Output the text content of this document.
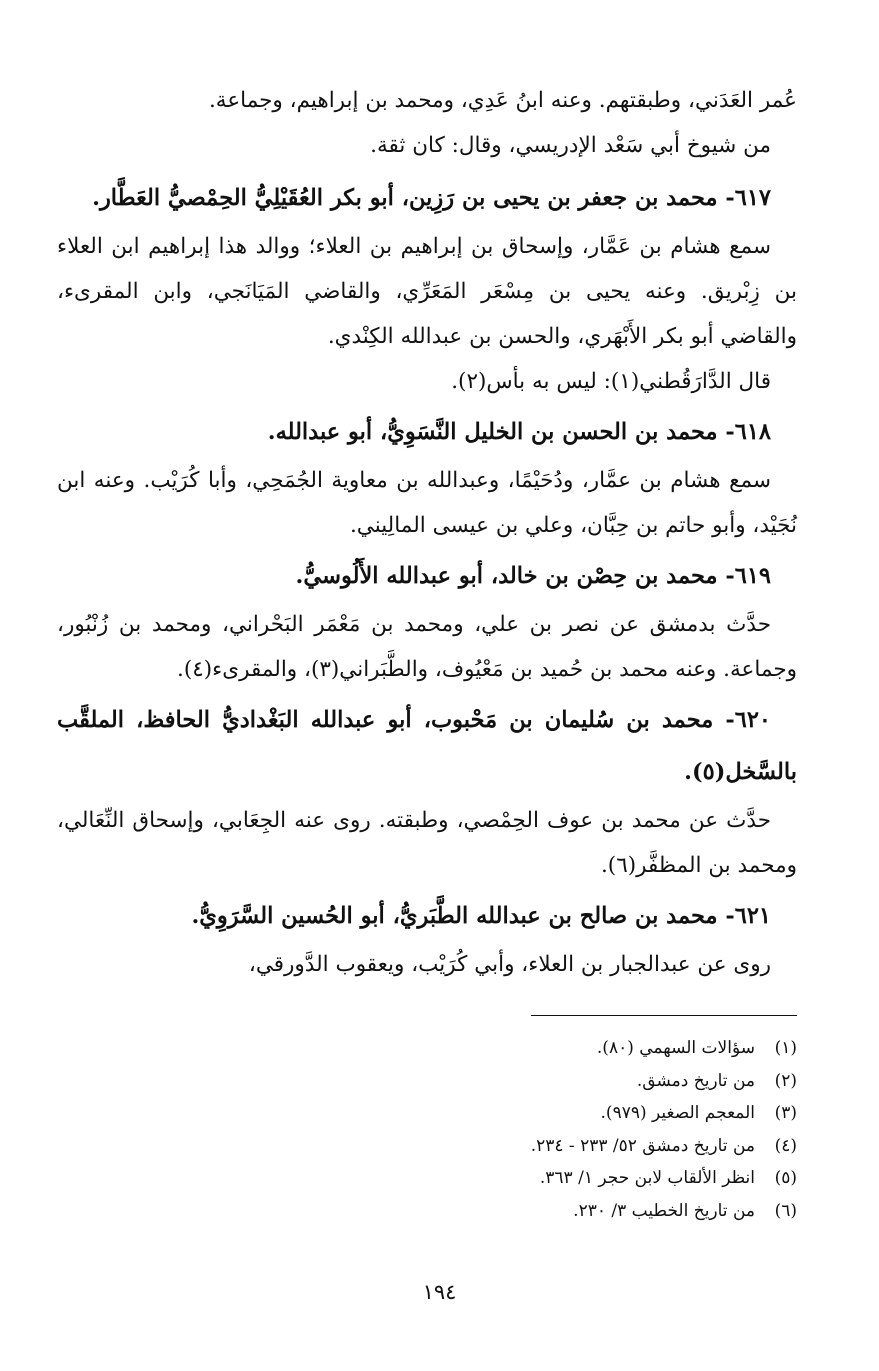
عُمر العَدَني، وطبقتهم. وعنه ابنُ عَدِي، ومحمد بن إبراهيم، وجماعة.

من شيوخ أبي سَعْد الإدريسي، وقال: كان ثقة.

٦١٧- محمد بن جعفر بن يحيى بن رَزِين، أبو بكر العُقَيْلِيُّ الحِمْصيُّ العَطَّار.

سمع هشام بن عَمَّار، وإسحاق بن إبراهيم بن العلاء؛ ووالد هذا إبراهيم ابن العلاء بن زِبْريق. وعنه يحيى بن مِسْعَر المَعَرِّي، والقاضي المَيَانَجي، وابن المقرىء، والقاضي أبو بكر الأَبْهَري، والحسن بن عبدالله الكِنْدي.

قال الدَّارَقُطني(١): ليس به بأس(٢).

٦١٨- محمد بن الحسن بن الخليل النَّسَوِيُّ، أبو عبدالله.

سمع هشام بن عمَّار، ودُحَيْمًا، وعبدالله بن معاوية الجُمَحِي، وأبا كُرَيْب. وعنه ابن نُجَيْد، وأبو حاتم بن حِبَّان، وعلي بن عيسى المالِيني.

٦١٩- محمد بن حِصْن بن خالد، أبو عبدالله الأَلُوسيُّ.

حدَّث بدمشق عن نصر بن علي، ومحمد بن مَعْمَر البَحْراني، ومحمد بن زُنْبُور، وجماعة. وعنه محمد بن حُميد بن مَعْيُوف، والطَّبَراني(٣)، والمقرىء(٤).

٦٢٠- محمد بن سُليمان بن مَحْبوب، أبو عبدالله البَغْداديُّ الحافظ، الملقَّب بالسَّخل(٥).

حدَّث عن محمد بن عوف الحِمْصي، وطبقته. روى عنه الجِعَابي، وإسحاق النِّعَالي، ومحمد بن المظفَّر(٦).

٦٢١- محمد بن صالح بن عبدالله الطَّبَريُّ، أبو الحُسين السَّرَوِيُّ.

روى عن عبدالجبار بن العلاء، وأبي كُرَيْب، ويعقوب الدَّورقي،

(١)سؤالات السهمي (٨٠).
(٢)من تاريخ دمشق.
(٣)المعجم الصغير (٩٧٩).
(٤)من تاريخ دمشق ٥٢/ ٢٣٣ - ٢٣٤.
(٥)انظر الألقاب لابن حجر ١/ ٣٦٣.
(٦)من تاريخ الخطيب ٣/ ٢٣٠.
١٩٤
